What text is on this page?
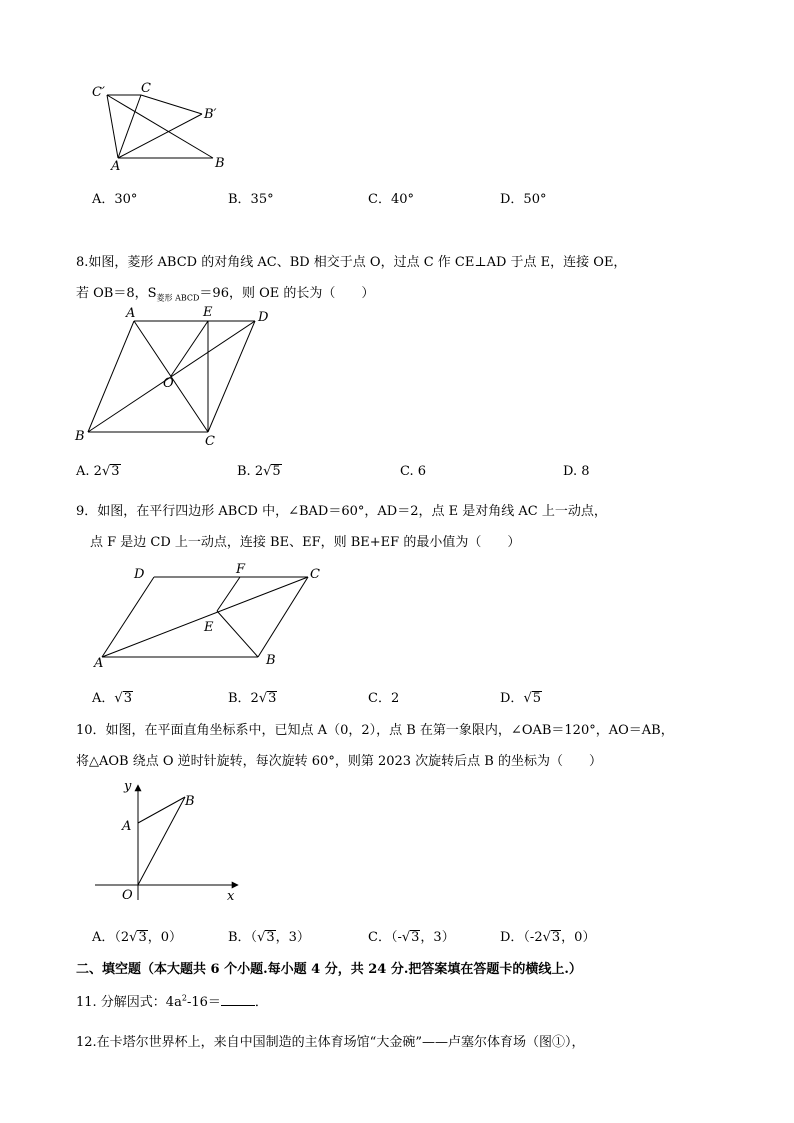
C′	C
B′
A	B
A．30°	B．35°	C．40°	D．50°
8.如图，菱形 ABCD 的对角线 AC、BD 相交于点 O，过点 C 作 CE⊥AD 于点 E，连接 OE，
若 OB＝8，$S_{菱形 ABCD}=96$，则 OE 的长为（　　）
A	E	D
O
B	C
A. 2√3	B. 2√5	C. 6	D. 8
9．如图，在平行四边形 ABCD 中，∠BAD＝60°，AD＝2，点 E 是对角线 AC 上一动点，
点 F 是边 CD 上一动点，连接 BE、EF，则 BE+EF 的最小值为（　　）
D	F	C
E
A	B
A．√3	B．2√3	C．2	D．√5
10．如图，在平面直角坐标系中，已知点 A（0，2），点 B 在第一象限内，∠OAB＝120°，AO＝AB，
将△AOB 绕点 O 逆时针旋转，每次旋转 60°，则第 2023 次旋转后点 B 的坐标为（　　）
y
A
B
O	x
A．（2√3，0）	B．（√3，3）	C．（-√3，3）	D．（-2√3，0）
二、填空题（本大题共 6 个小题.每小题 4 分，共 24 分.把答案填在答题卡的横线上.）
11. 分解因式：$4a^2-16=$	．
12.在卡塔尔世界杯上，来自中国制造的主体育场馆“大金碗”——卢塞尔体育场（图①），
